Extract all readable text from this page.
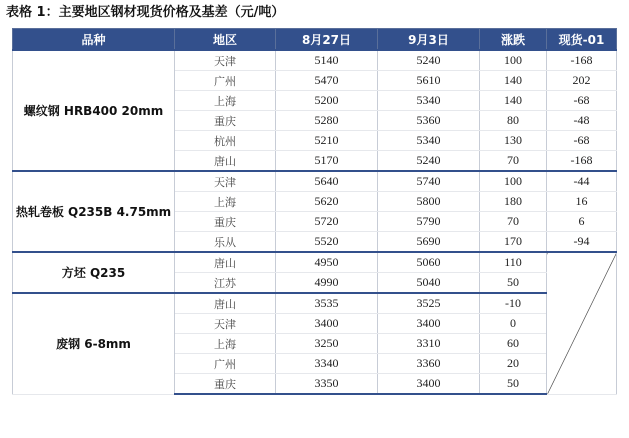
表格 1：主要地区钢材现货价格及基差（元/吨）
品种	地区	8月27日	9月3日	涨跌	现货-01
螺纹钢 HRB400 20mm	天津	5140	5240	100	-168
	广州	5470	5610	140	202
	上海	5200	5340	140	-68
	重庆	5280	5360	80	-48
	杭州	5210	5340	130	-68
	唐山	5170	5240	70	-168
热轧卷板 Q235B 4.75mm	天津	5640	5740	100	-44
	上海	5620	5800	180	16
	重庆	5720	5790	70	6
	乐从	5520	5690	170	-94
方坯 Q235	唐山	4950	5060	110	
	江苏	4990	5040	50	
废钢 6-8mm	唐山	3535	3525	-10	
	天津	3400	3400	0	
	上海	3250	3310	60	
	广州	3340	3360	20	
	重庆	3350	3400	50	
